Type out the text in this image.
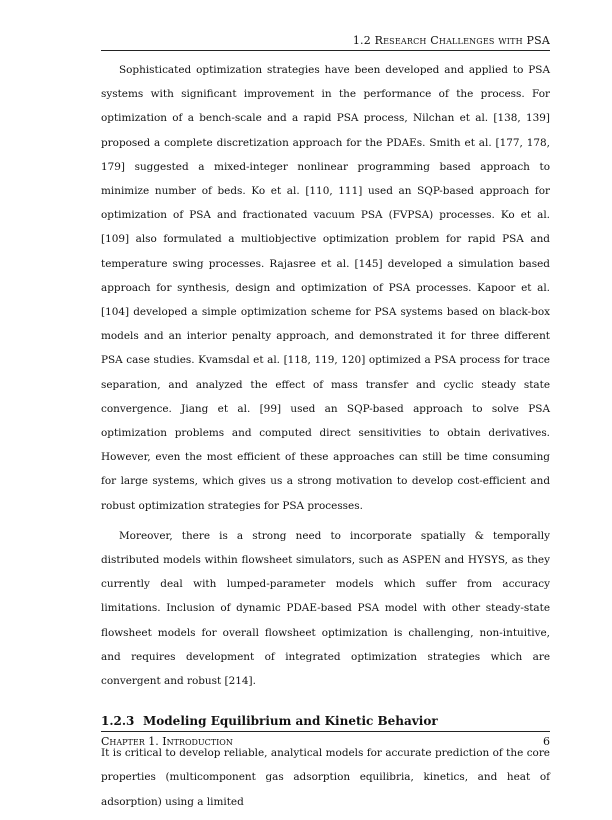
1.2 Research Challenges with PSA

Sophisticated optimization strategies have been developed and applied to PSA systems with significant improvement in the performance of the process. For optimization of a bench-scale and a rapid PSA process, Nilchan et al. [138, 139] proposed a complete discretization approach for the PDAEs. Smith et al. [177, 178, 179] suggested a mixed-integer nonlinear programming based approach to minimize number of beds. Ko et al. [110, 111] used an SQP-based approach for optimization of PSA and fractionated vacuum PSA (FVPSA) processes. Ko et al. [109] also formulated a multiobjective optimization problem for rapid PSA and temperature swing processes. Rajasree et al. [145] developed a simulation based approach for synthesis, design and optimization of PSA processes. Kapoor et al. [104] developed a simple optimization scheme for PSA systems based on black-box models and an interior penalty approach, and demonstrated it for three different PSA case studies. Kvamsdal et al. [118, 119, 120] optimized a PSA process for trace separation, and analyzed the effect of mass transfer and cyclic steady state convergence. Jiang et al. [99] used an SQP-based approach to solve PSA optimization problems and computed direct sensitivities to obtain derivatives. However, even the most efficient of these approaches can still be time consuming for large systems, which gives us a strong motivation to develop cost-efficient and robust optimization strategies for PSA processes.

Moreover, there is a strong need to incorporate spatially & temporally distributed models within flowsheet simulators, such as ASPEN and HYSYS, as they currently deal with lumped-parameter models which suffer from accuracy limitations. Inclusion of dynamic PDAE-based PSA model with other steady-state flowsheet models for overall flowsheet optimization is challenging, non-intuitive, and requires development of integrated optimization strategies which are convergent and robust [214].

1.2.3 Modeling Equilibrium and Kinetic Behavior

It is critical to develop reliable, analytical models for accurate prediction of the core properties (multicomponent gas adsorption equilibria, kinetics, and heat of adsorption) using a limited

Chapter 1. Introduction	6
